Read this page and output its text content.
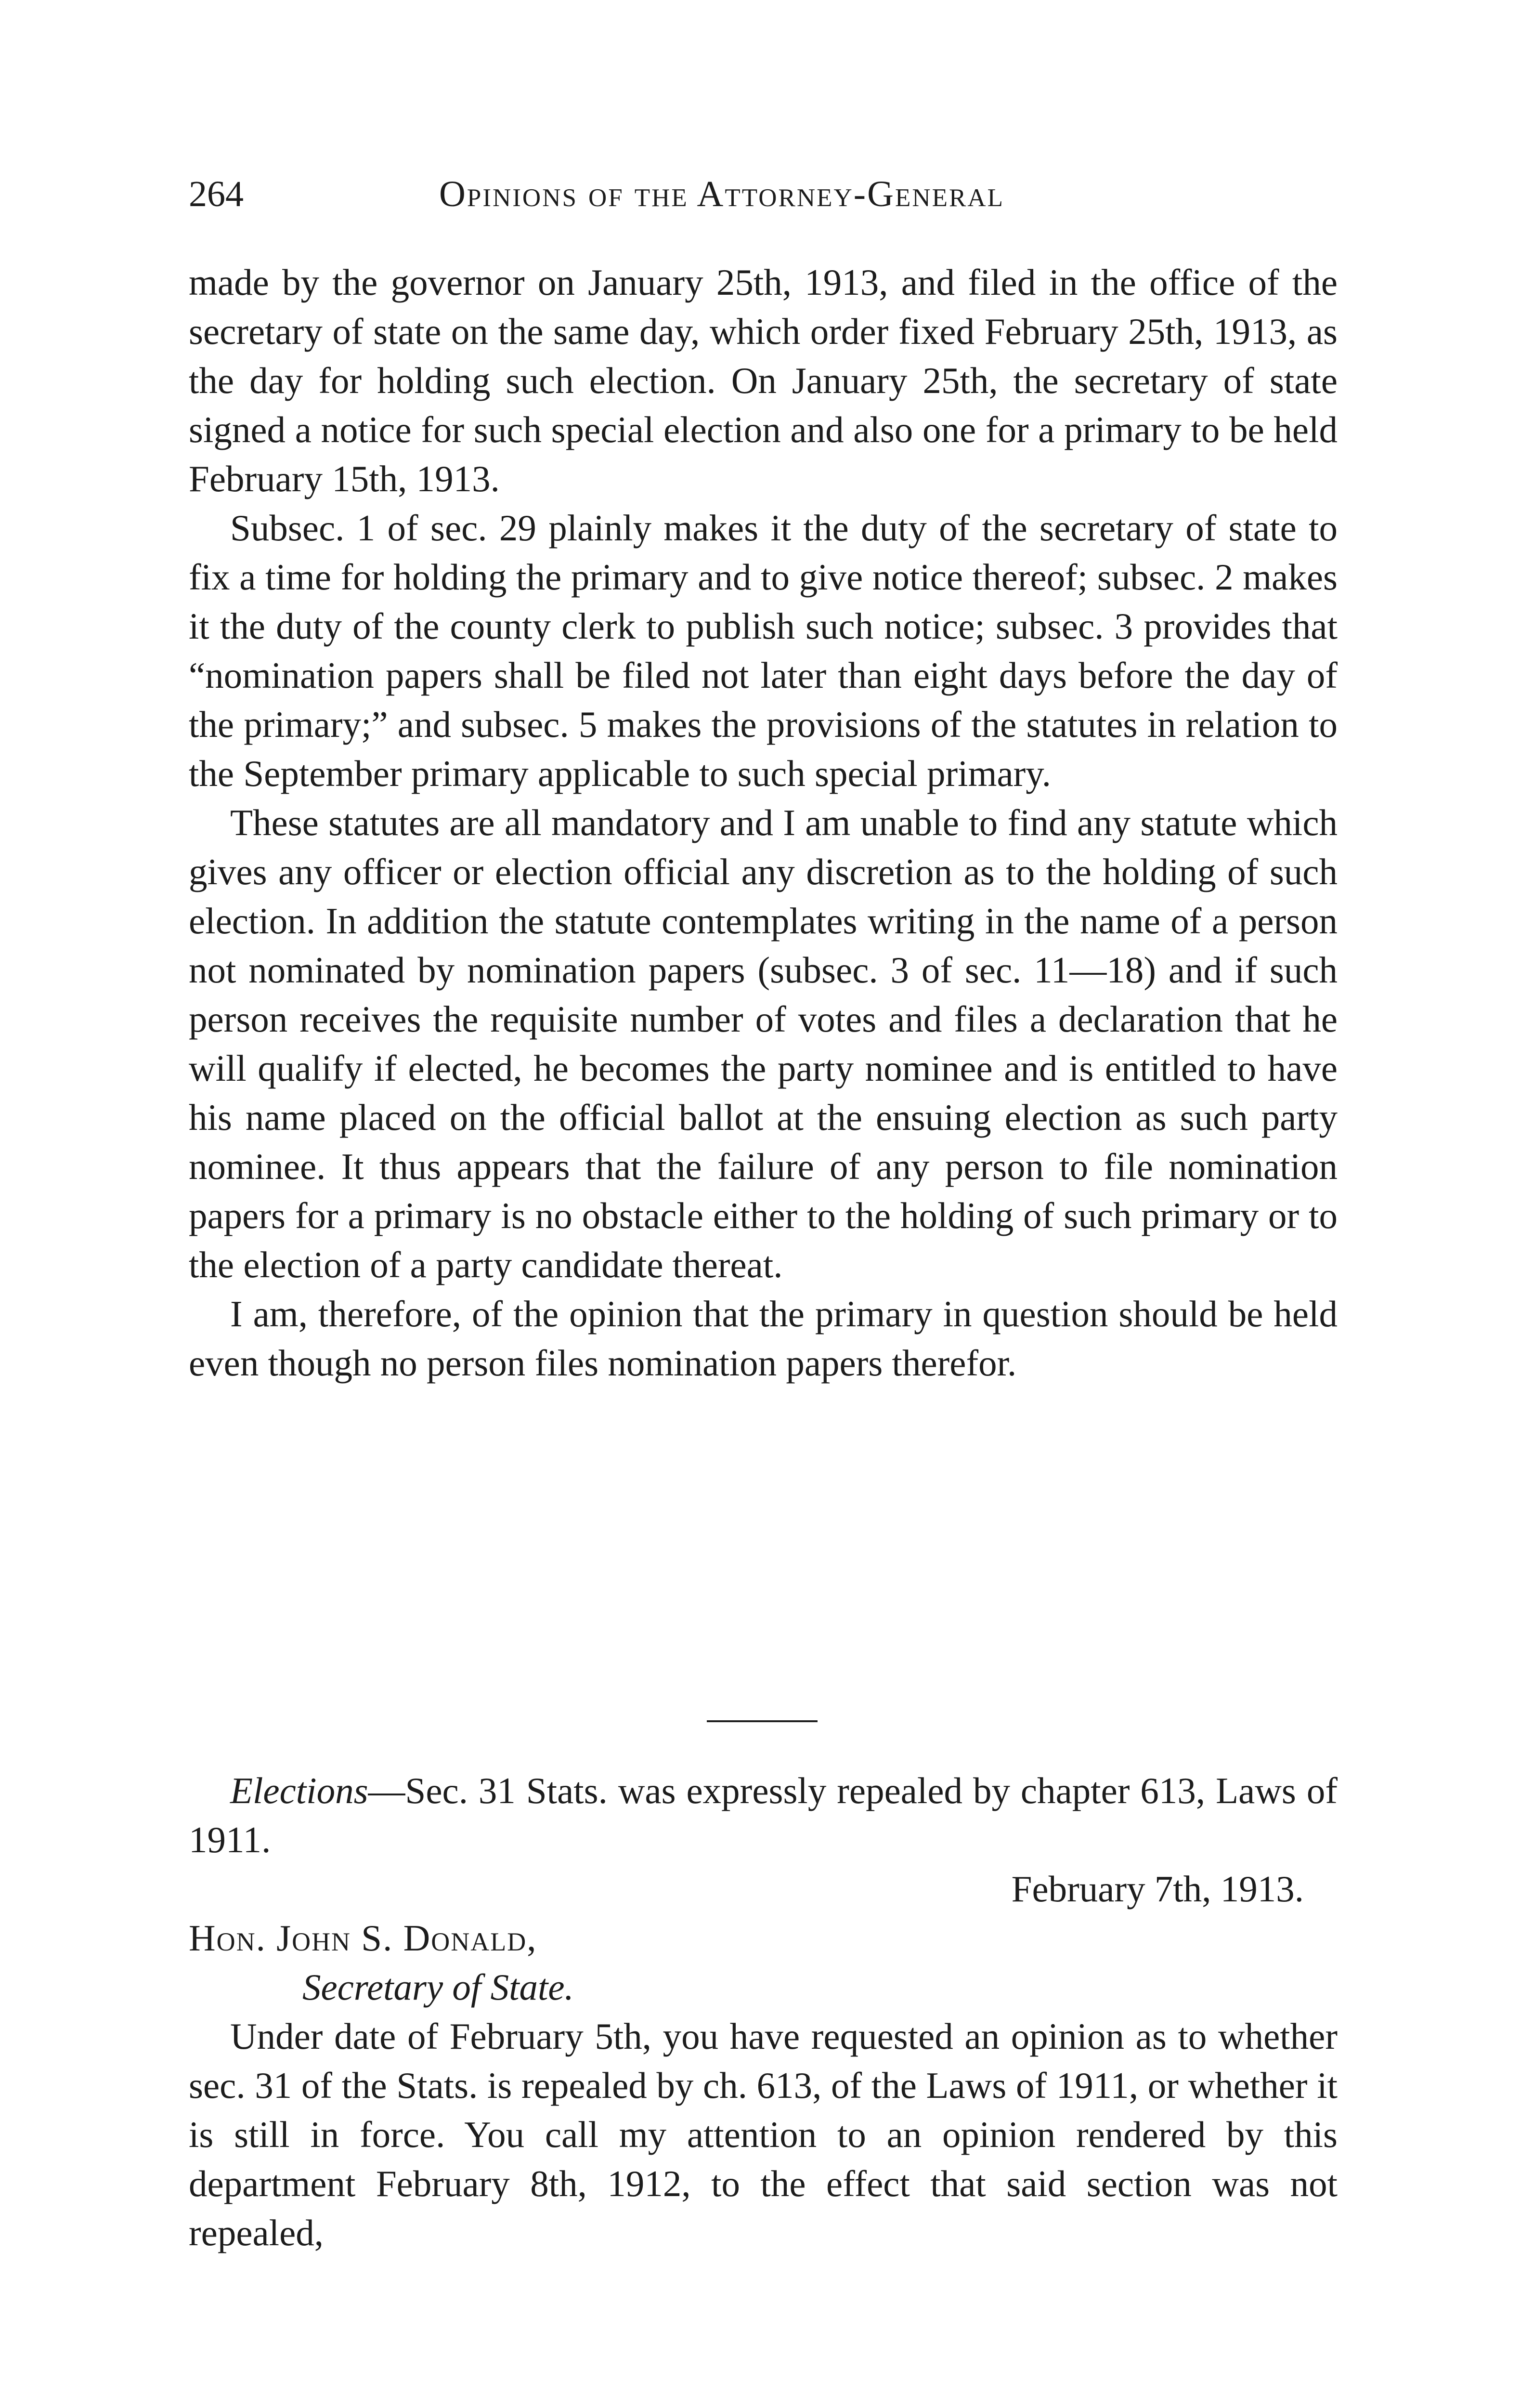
264	Opinions of the Attorney-General

made by the governor on January 25th, 1913, and filed in the office of the secretary of state on the same day, which order fixed February 25th, 1913, as the day for holding such election. On January 25th, the secretary of state signed a notice for such special election and also one for a primary to be held February 15th, 1913.

Subsec. 1 of sec. 29 plainly makes it the duty of the secretary of state to fix a time for holding the primary and to give notice thereof; subsec. 2 makes it the duty of the county clerk to publish such notice; subsec. 3 provides that “nomination papers shall be filed not later than eight days before the day of the primary;” and subsec. 5 makes the provisions of the statutes in relation to the September primary applicable to such special primary.

These statutes are all mandatory and I am unable to find any statute which gives any officer or election official any discretion as to the holding of such election. In addition the statute contemplates writing in the name of a person not nominated by nomination papers (subsec. 3 of sec. 11—18) and if such person receives the requisite number of votes and files a declaration that he will qualify if elected, he becomes the party nominee and is entitled to have his name placed on the official ballot at the ensuing election as such party nominee. It thus appears that the failure of any person to file nomination papers for a primary is no obstacle either to the holding of such primary or to the election of a party candidate thereat.

I am, therefore, of the opinion that the primary in question should be held even though no person files nomination papers therefor.

Elections—Sec. 31 Stats. was expressly repealed by chapter 613, Laws of 1911.

February 7th, 1913.

Hon. John S. Donald,

Secretary of State.

Under date of February 5th, you have requested an opinion as to whether sec. 31 of the Stats. is repealed by ch. 613, of the Laws of 1911, or whether it is still in force. You call my attention to an opinion rendered by this department February 8th, 1912, to the effect that said section was not repealed,
